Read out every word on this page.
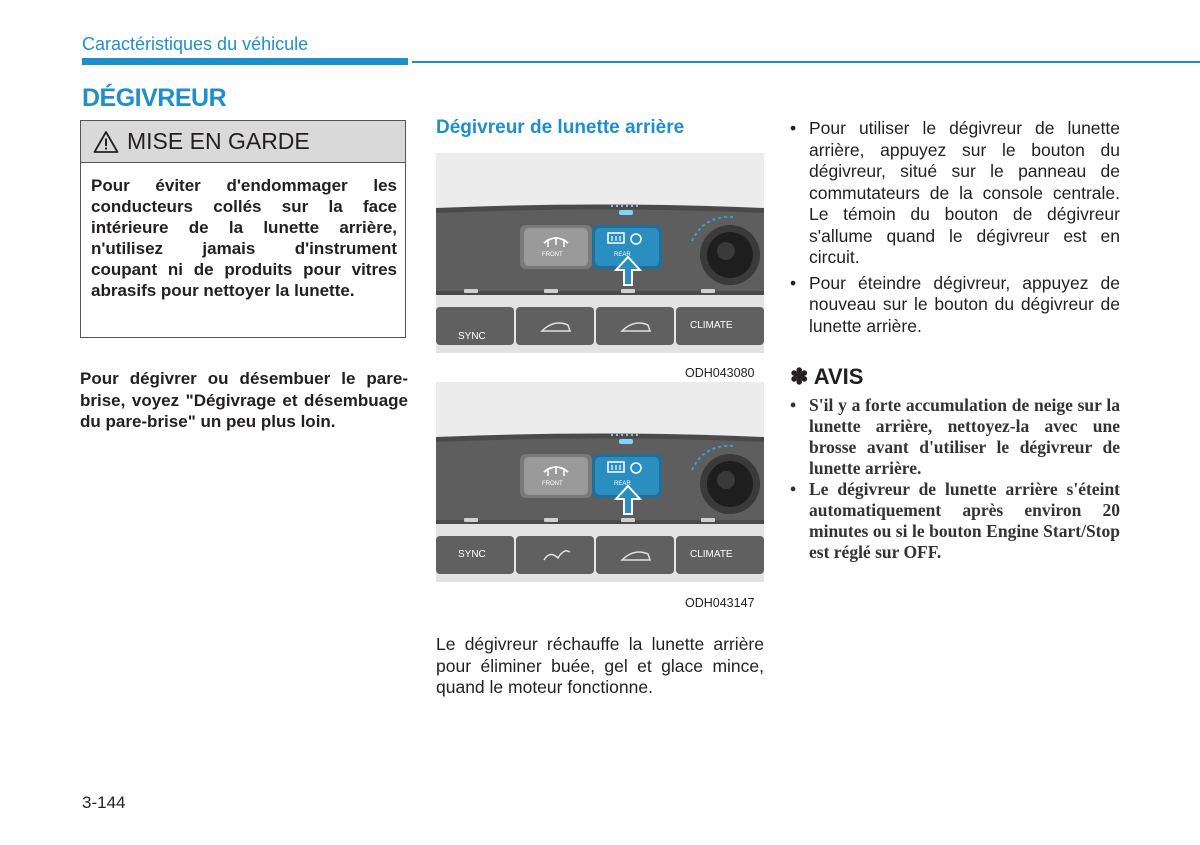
Caractéristiques du véhicule
DÉGIVREUR
MISE EN GARDE
Pour éviter d'endommager les conducteurs collés sur la face intérieure de la lunette arrière, n'utilisez jamais d'instrument coupant ni de produits pour vitres abrasifs pour nettoyer la lunette.
Pour dégivrer ou désembuer le pare-brise, voyez "Dégivrage et désembuage du pare-brise" un peu plus loin.
Dégivreur de lunette arrière
SYNC
CLIMATE
FRONT	REAR
ODH043080
SYNC	CLIMATE
FRONT	REAR
ODH043147
Le dégivreur réchauffe la lunette arrière pour éliminer buée, gel et glace mince, quand le moteur fonctionne.
• Pour utiliser le dégivreur de lunette arrière, appuyez sur le bouton du dégivreur, situé sur le panneau de commutateurs de la console centrale. Le témoin du bouton de dégivreur s'allume quand le dégivreur est en circuit.
• Pour éteindre dégivreur, appuyez de nouveau sur le bouton du dégivreur de lunette arrière.
✽ AVIS
• S'il y a forte accumulation de neige sur la lunette arrière, nettoyez-la avec une brosse avant d'utiliser le dégivreur de lunette arrière.
• Le dégivreur de lunette arrière s'éteint automatiquement après environ 20 minutes ou si le bouton Engine Start/Stop est réglé sur OFF.
3-144
